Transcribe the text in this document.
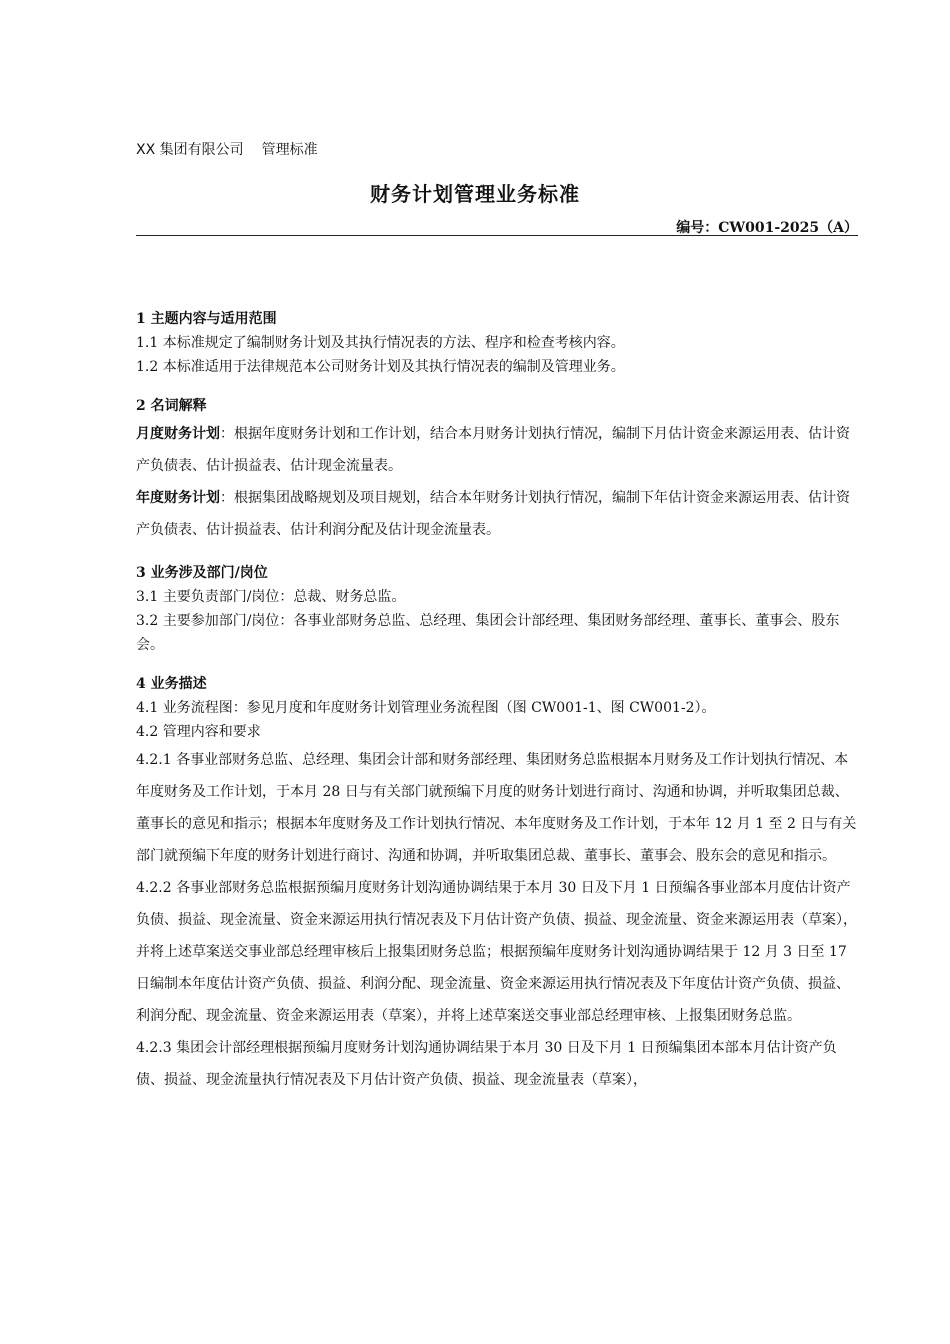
XX 集团有限公司 管理标准
财务计划管理业务标准
编号：CW001-2025（A）

1 主题内容与适用范围

1.1 本标准规定了编制财务计划及其执行情况表的方法、程序和检查考核内容。

1.2 本标准适用于法律规范本公司财务计划及其执行情况表的编制及管理业务。

2 名词解释

月度财务计划：根据年度财务计划和工作计划，结合本月财务计划执行情况，编制下月估计资金来源运用表、估计资产负债表、估计损益表、估计现金流量表。

年度财务计划：根据集团战略规划及项目规划，结合本年财务计划执行情况，编制下年估计资金来源运用表、估计资产负债表、估计损益表、估计利润分配及估计现金流量表。

3 业务涉及部门/岗位

3.1 主要负责部门/岗位：总裁、财务总监。

3.2 主要参加部门/岗位：各事业部财务总监、总经理、集团会计部经理、集团财务部经理、董事长、董事会、股东会。

4 业务描述

4.1 业务流程图：参见月度和年度财务计划管理业务流程图（图 CW001-1、图 CW001-2）。

4.2 管理内容和要求

4.2.1 各事业部财务总监、总经理、集团会计部和财务部经理、集团财务总监根据本月财务及工作计划执行情况、本年度财务及工作计划，于本月 28 日与有关部门就预编下月度的财务计划进行商讨、沟通和协调，并听取集团总裁、董事长的意见和指示；根据本年度财务及工作计划执行情况、本年度财务及工作计划，于本年 12 月 1 至 2 日与有关部门就预编下年度的财务计划进行商讨、沟通和协调，并听取集团总裁、董事长、董事会、股东会的意见和指示。

4.2.2 各事业部财务总监根据预编月度财务计划沟通协调结果于本月 30 日及下月 1 日预编各事业部本月度估计资产负债、损益、现金流量、资金来源运用执行情况表及下月估计资产负债、损益、现金流量、资金来源运用表（草案），并将上述草案送交事业部总经理审核后上报集团财务总监；根据预编年度财务计划沟通协调结果于 12 月 3 日至 17 日编制本年度估计资产负债、损益、利润分配、现金流量、资金来源运用执行情况表及下年度估计资产负债、损益、利润分配、现金流量、资金来源运用表（草案），并将上述草案送交事业部总经理审核、上报集团财务总监。

4.2.3 集团会计部经理根据预编月度财务计划沟通协调结果于本月 30 日及下月 1 日预编集团本部本月估计资产负债、损益、现金流量执行情况表及下月估计资产负债、损益、现金流量表（草案），
